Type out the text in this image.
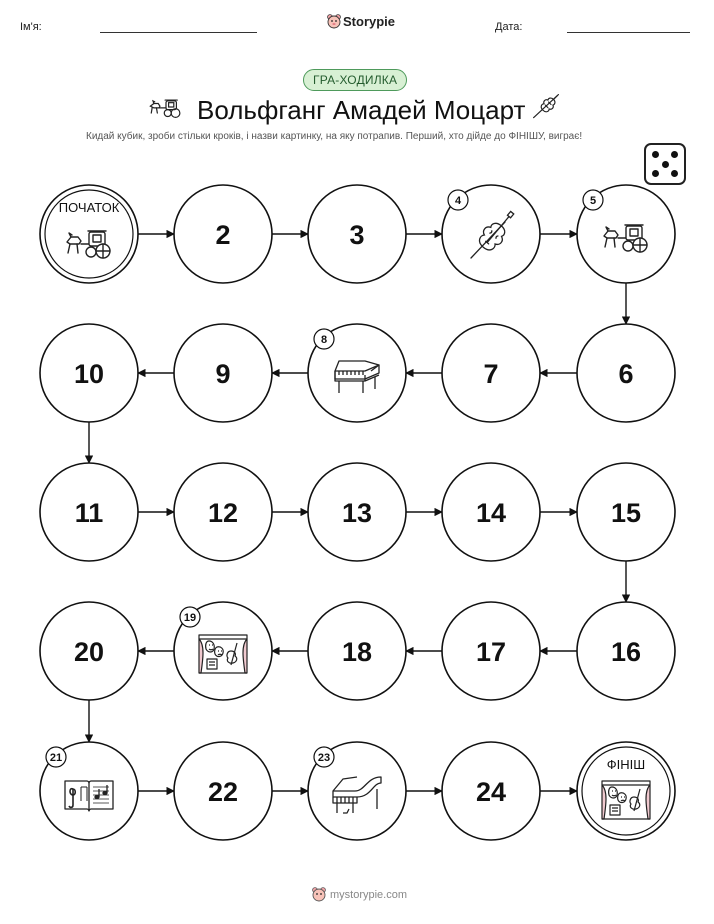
Ім'я:	Storypie	Дата:
ГРА-ХОДИЛКА
Вольфганг Амадей Моцарт
Кидай кубик, зроби стільки кроків, і назви картинку, на яку потрапив. Перший, хто дійде до ФІНІШУ, виграє!
ПОЧАТОК
2	3
4	5
6
7
8
9
10
11	12	13	14	15
16
17
18
19
20
21
22
23
24
ФІНІШ
mystorypie.com
